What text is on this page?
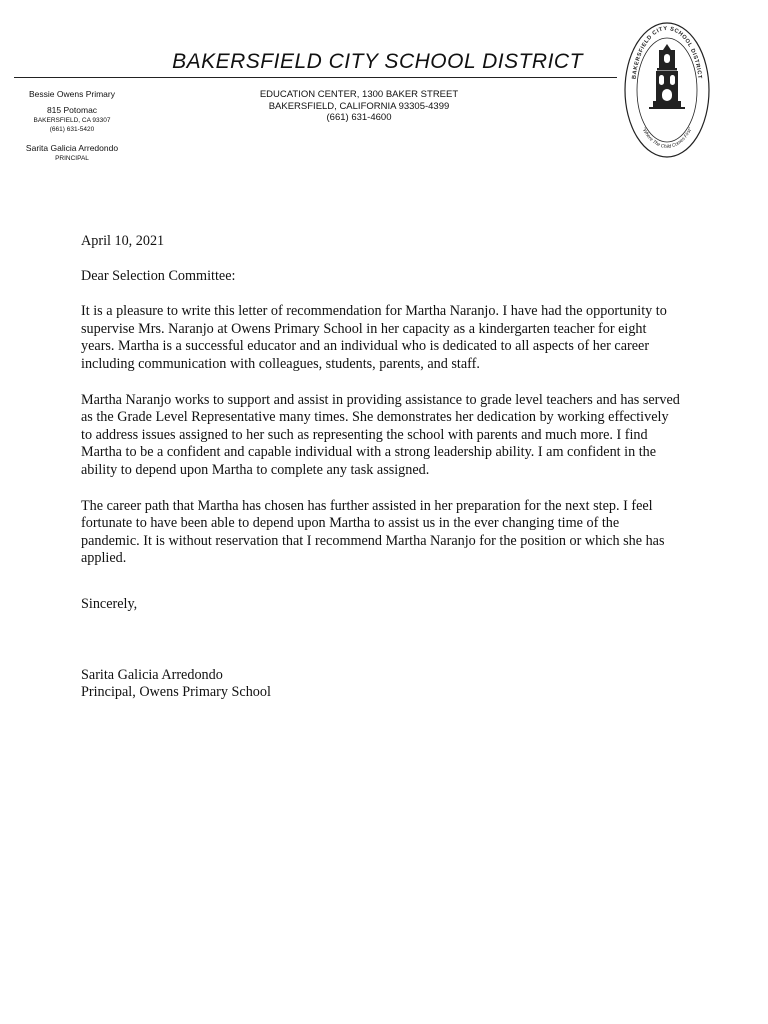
BAKERSFIELD CITY SCHOOL DISTRICT
Bessie Owens Primary
815 Potomac
BAKERSFIELD, CA 93307
(661) 631-5420
Sarita Galicia Arredondo
PRINCIPAL
EDUCATION CENTER, 1300 BAKER STREET
BAKERSFIELD, CALIFORNIA 93305-4399
(661) 631-4600
BAKERSFIELD CITY SCHOOL DISTRICT
"Where The Child Comes First"

April 10, 2021

Dear Selection Committee:

It is a pleasure to write this letter of recommendation for Martha Naranjo. I have had the opportunity to supervise Mrs. Naranjo at Owens Primary School in her capacity as a kindergarten teacher for eight years. Martha is a successful educator and an individual who is dedicated to all aspects of her career including communication with colleagues, students, parents, and staff.

Martha Naranjo works to support and assist in providing assistance to grade level teachers and has served as the Grade Level Representative many times. She demonstrates her dedication by working effectively to address issues assigned to her such as representing the school with parents and much more. I find Martha to be a confident and capable individual with a strong leadership ability. I am confident in the ability to depend upon Martha to complete any task assigned.

The career path that Martha has chosen has further assisted in her preparation for the next step. I feel fortunate to have been able to depend upon Martha to assist us in the ever changing time of the pandemic. It is without reservation that I recommend Martha Naranjo for the position or which she has applied.

Sincerely,

Sarita Galicia Arredondo

Principal, Owens Primary School
